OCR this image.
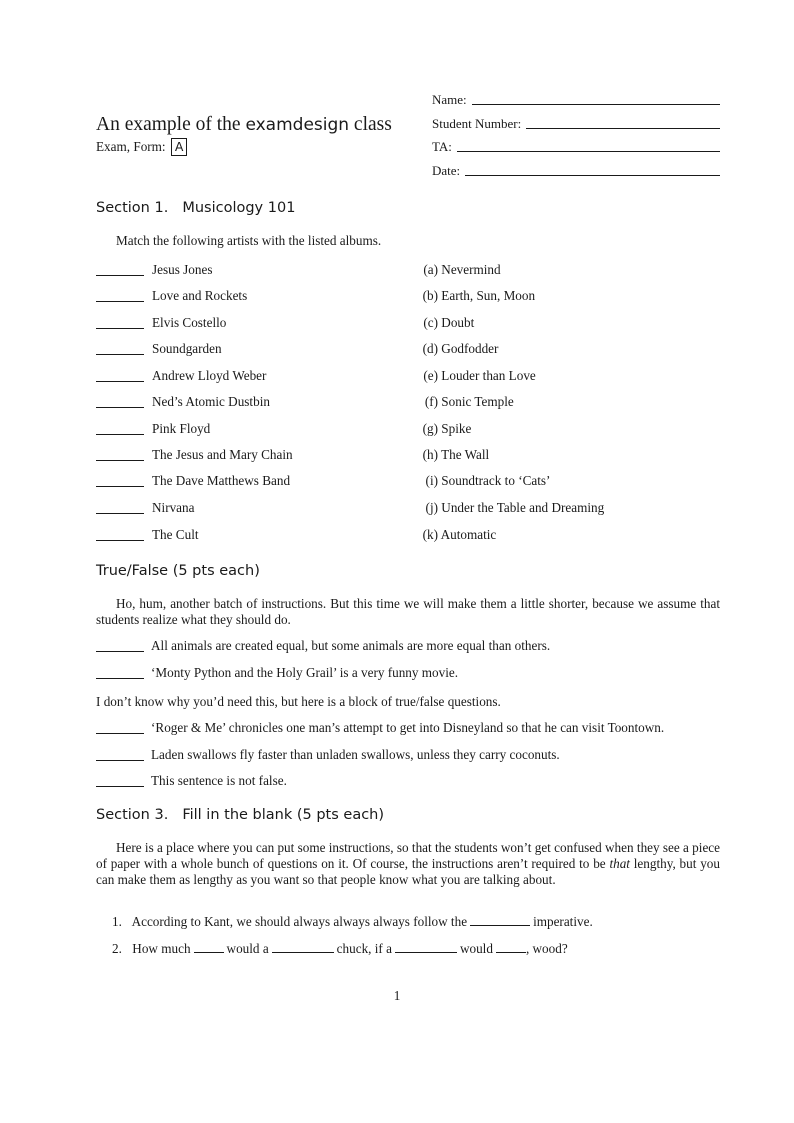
An example of the examdesign class
Exam, Form: A
Name:
Student Number:
TA:
Date:
Section 1. Musicology 101
Match the following artists with the listed albums.
Jesus Jones	(a) Nevermind
Love and Rockets	(b) Earth, Sun, Moon
Elvis Costello	(c) Doubt
Soundgarden	(d) Godfodder
Andrew Lloyd Weber	(e) Louder than Love
Ned’s Atomic Dustbin	(f) Sonic Temple
Pink Floyd	(g) Spike
The Jesus and Mary Chain	(h) The Wall
The Dave Matthews Band	(i) Soundtrack to ‘Cats’
Nirvana	(j) Under the Table and Dreaming
The Cult	(k) Automatic
True/False (5 pts each)
Ho, hum, another batch of instructions. But this time we will make them a little shorter, because we assume that students realize what they should do.
All animals are created equal, but some animals are more equal than others.
‘Monty Python and the Holy Grail’ is a very funny movie.
I don’t know why you’d need this, but here is a block of true/false questions.
‘Roger & Me’ chronicles one man’s attempt to get into Disneyland so that he can visit Toontown.
Laden swallows fly faster than unladen swallows, unless they carry coconuts.
This sentence is not false.
Section 3. Fill in the blank (5 pts each)
Here is a place where you can put some instructions, so that the students won’t get confused when they see a piece of paper with a whole bunch of questions on it. Of course, the instructions aren’t required to be that lengthy, but you can make them as lengthy as you want so that people know what you are talking about.
1. According to Kant, we should always always always follow the	imperative.
2. How much	would a	chuck, if a	would	, wood?
1
